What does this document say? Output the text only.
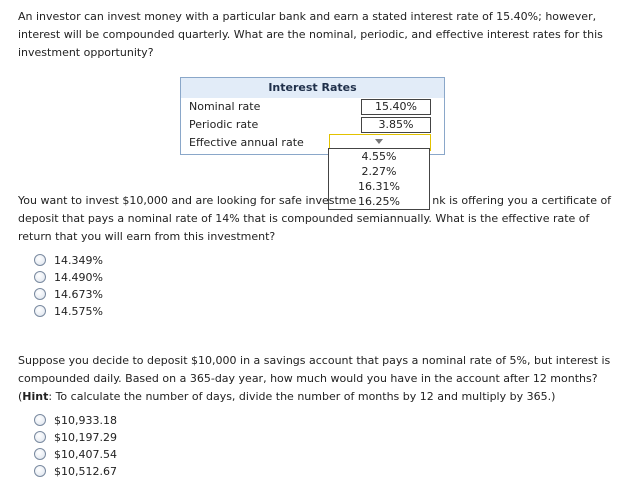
An investor can invest money with a particular bank and earn a stated interest rate of 15.40%; however, interest will be compounded quarterly. What are the nominal, periodic, and effective interest rates for this investment opportunity?

Interest Rates
Nominal rate	15.40%
Periodic rate	3.85%
Effective annual rate
4.55%
2.27%
16.31%
16.25%

You want to invest $10,000 and are looking for safe investme	nk is offering you a certificate of deposit that pays a nominal rate of 14% that is compounded semiannually. What is the effective rate of return that you will earn from this investment?

14.349%
14.490%
14.673%
14.575%

Suppose you decide to deposit $10,000 in a savings account that pays a nominal rate of 5%, but interest is compounded daily. Based on a 365-day year, how much would you have in the account after 12 months? (Hint: To calculate the number of days, divide the number of months by 12 and multiply by 365.)

$10,933.18
$10,197.29
$10,407.54
$10,512.67
